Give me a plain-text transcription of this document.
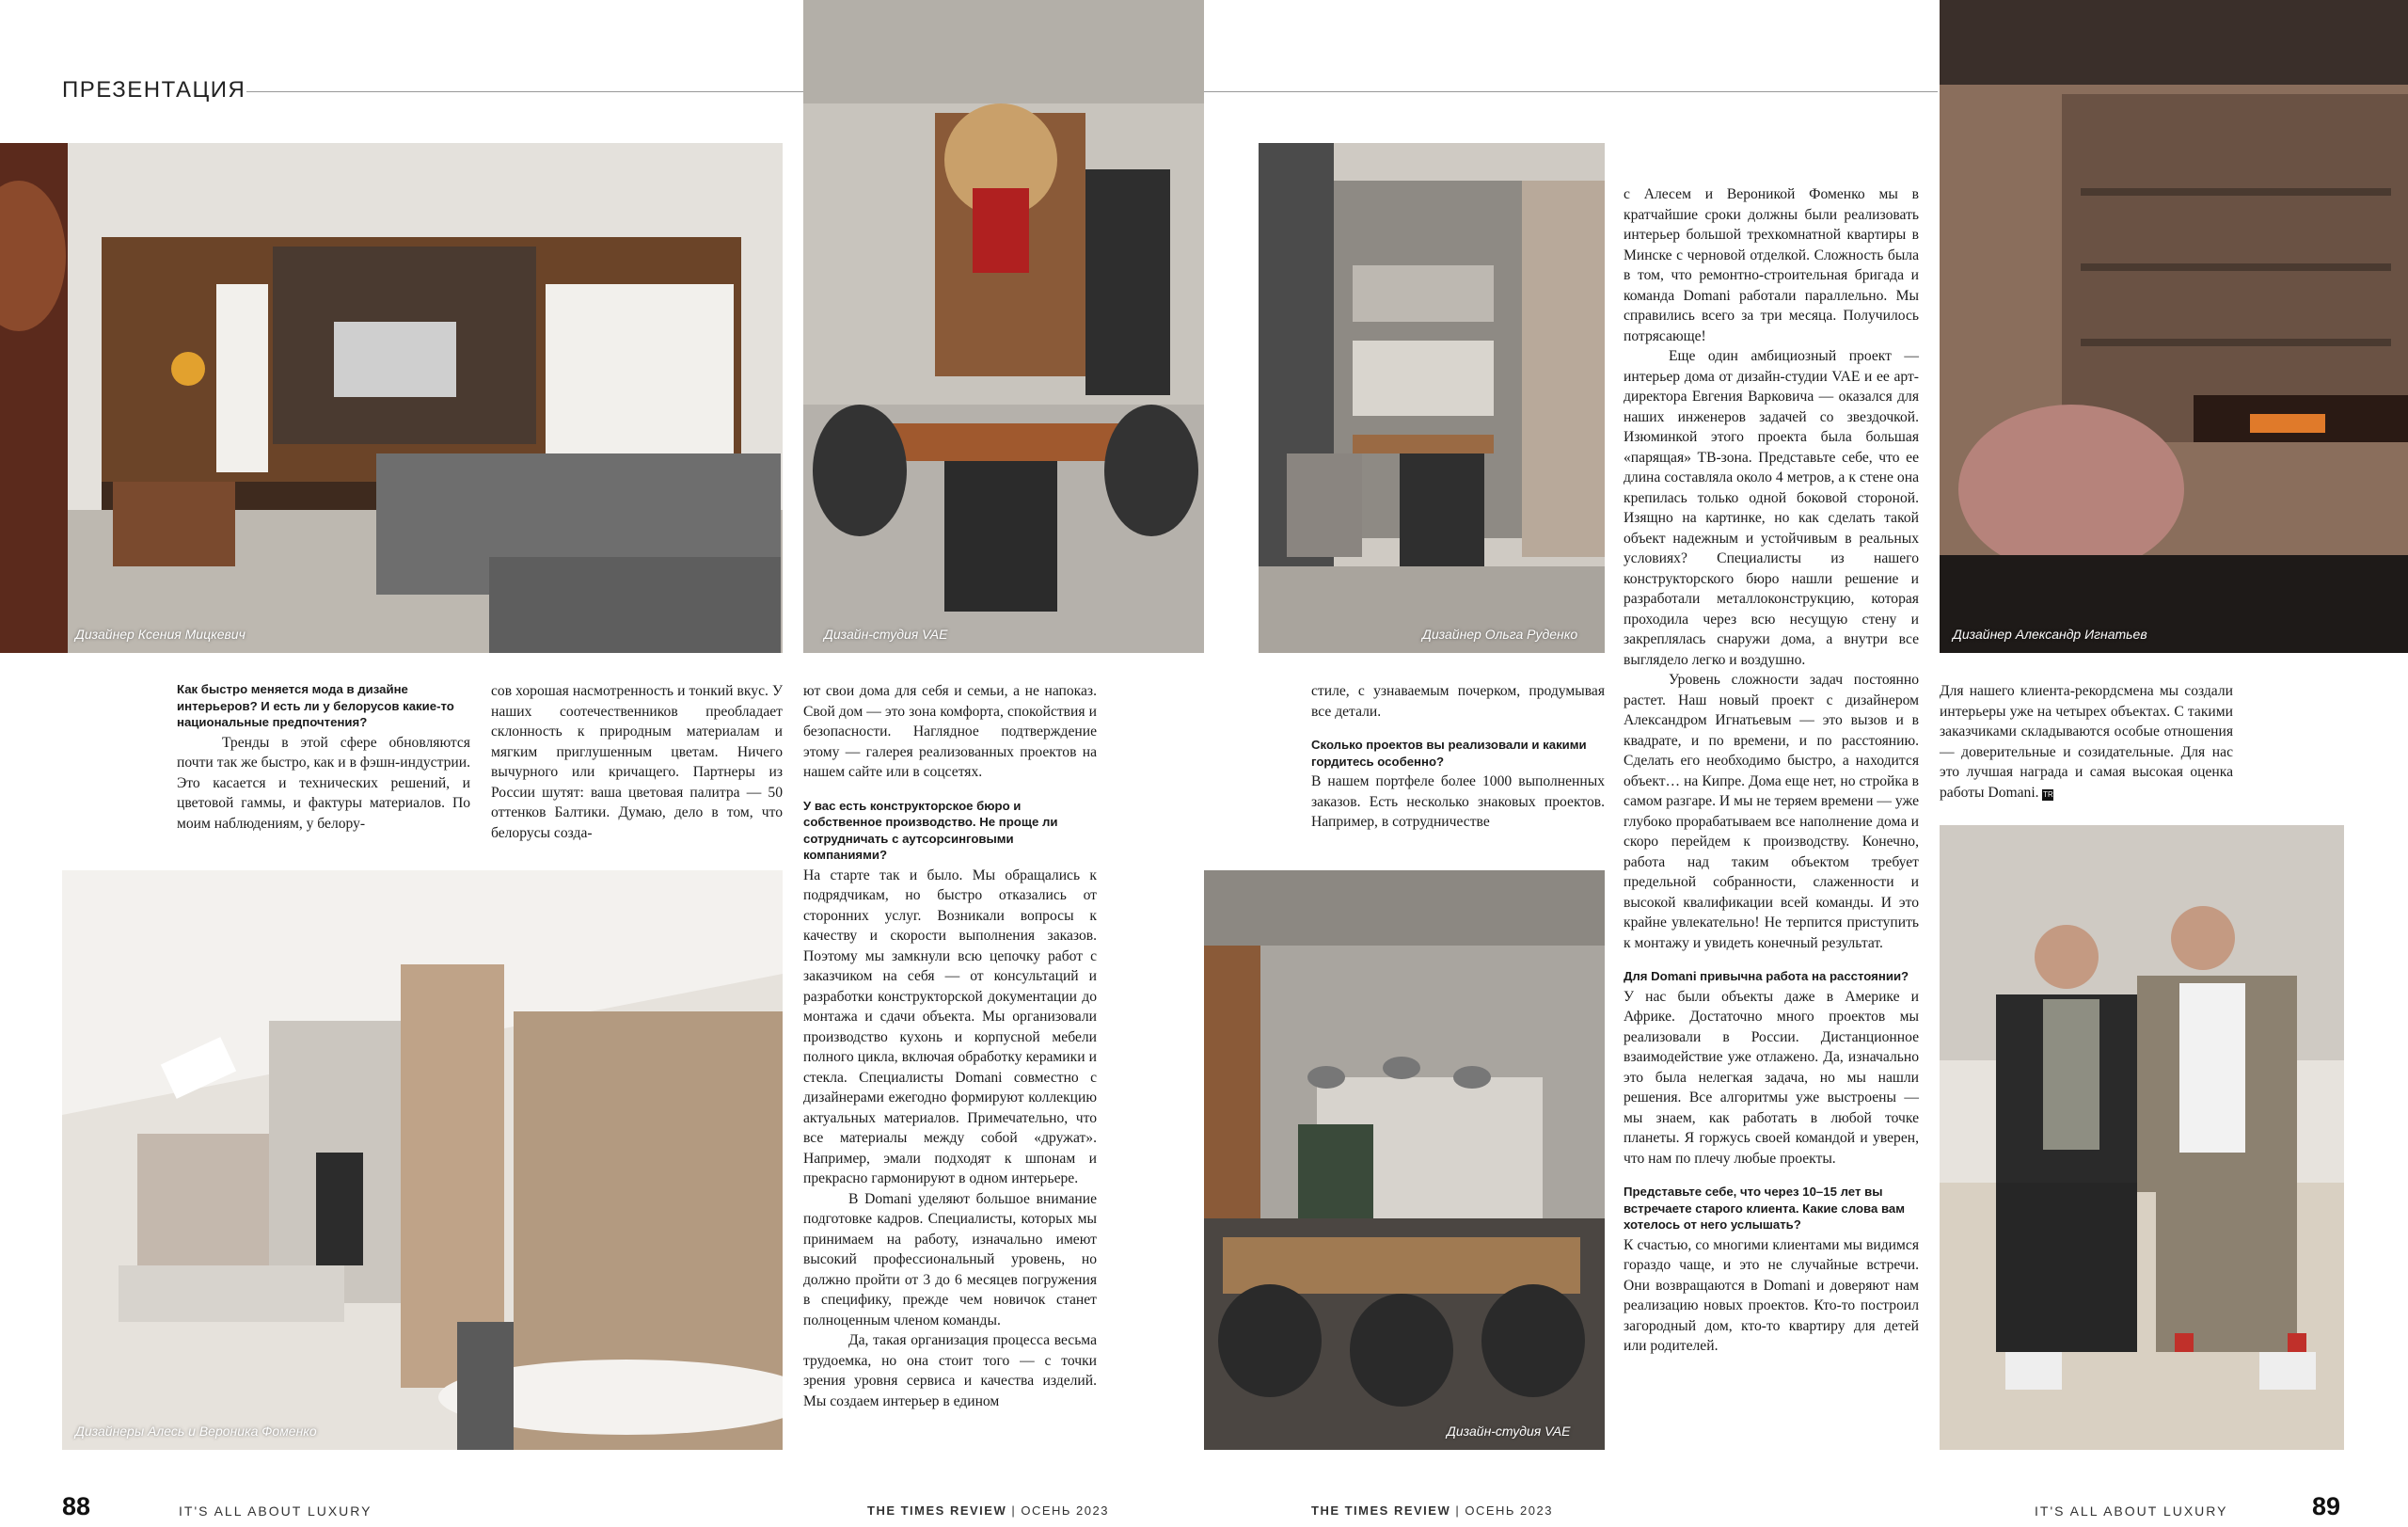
ПРЕЗЕНТАЦИЯ
Дизайнер Ксения Мицкевич	Дизайн-студия VAE	Дизайнер Ольга Руденко	Дизайнер Александр Игнатьев
Дизайнеры Алесь и Вероника Фоменко	Дизайн-студия VAE

Как быстро меняется мода в дизайне интерьеров? И есть ли у белорусов какие-то национальные предпочтения?

Тренды в этой сфере обновляются почти так же быстро, как и в фэшн-индустрии. Это касается и технических решений, и цветовой гаммы, и фактуры материалов. По моим наблюдениям, у белору-

сов хорошая насмотренность и тонкий вкус. У наших соотечественников преобладает склонность к природным материалам и мягким приглушенным цветам. Ничего вычурного или кричащего. Партнеры из России шутят: ваша цветовая палитра — 50 оттенков Балтики. Думаю, дело в том, что белорусы созда-

ют свои дома для себя и семьи, а не напоказ. Свой дом — это зона комфорта, спокойствия и безопасности. Наглядное подтверждение этому — галерея реализованных проектов на нашем сайте или в соцсетях.

У вас есть конструкторское бюро и собственное производство. Не проще ли сотрудничать с аутсорсинговыми компаниями?

На старте так и было. Мы обращались к подрядчикам, но быстро отказались от сторонних услуг. Возникали вопросы к качеству и скорости выполнения заказов. Поэтому мы замкнули всю цепочку работ с заказчиком на себя — от консультаций и разработки конструкторской документации до монтажа и сдачи объекта. Мы организовали производство кухонь и корпусной мебели полного цикла, включая обработку керамики и стекла. Специалисты Domani совместно с дизайнерами ежегодно формируют коллекцию актуальных материалов. Примечательно, что все материалы между собой «дружат». Например, эмали подходят к шпонам и прекрасно гармонируют в одном интерьере.

В Domani уделяют большое внимание подготовке кадров. Специалисты, которых мы принимаем на работу, изначально имеют высокий профессиональный уровень, но должно пройти от 3 до 6 месяцев погружения в специфику, прежде чем новичок станет полноценным членом команды.

Да, такая организация процесса весьма трудоемка, но она стоит того — с точки зрения уровня сервиса и качества изделий. Мы создаем интерьер в едином

стиле, с узнаваемым почерком, продумывая все детали.

Сколько проектов вы реализовали и какими гордитесь особенно?

В нашем портфеле более 1000 выполненных заказов. Есть несколько знаковых проектов. Например, в сотрудничестве

с Алесем и Вероникой Фоменко мы в кратчайшие сроки должны были реализовать интерьер большой трехкомнатной квартиры в Минске с черновой отделкой. Сложность была в том, что ремонтно-строительная бригада и команда Domani работали параллельно. Мы справились всего за три месяца. Получилось потрясающе!

Еще один амбициозный проект — интерьер дома от дизайн-студии VAE и ее арт-директора Евгения Варковича — оказался для наших инженеров задачей со звездочкой. Изюминкой этого проекта была большая «парящая» ТВ-зона. Представьте себе, что ее длина составляла около 4 метров, а к стене она крепилась только одной боковой стороной. Изящно на картинке, но как сделать такой объект надежным и устойчивым в реальных условиях? Специалисты из нашего конструкторского бюро нашли решение и разработали металлоконструкцию, которая проходила через всю несущую стену и закреплялась снаружи дома, а внутри все выглядело легко и воздушно.

Уровень сложности задач постоянно растет. Наш новый проект с дизайнером Александром Игнатьевым — это вызов и в квадрате, и по времени, и по расстоянию. Сделать его необходимо быстро, а находится объект… на Кипре. Дома еще нет, но стройка в самом разгаре. И мы не теряем времени — уже глубоко прорабатываем все наполнение дома и скоро перейдем к производству. Конечно, работа над таким объектом требует предельной собранности, слаженности и высокой квалификации всей команды. И это крайне увлекательно! Не терпится приступить к монтажу и увидеть конечный результат.

Для Domani привычна работа на расстоянии?

У нас были объекты даже в Америке и Африке. Достаточно много проектов мы реализовали в России. Дистанционное взаимодействие уже отлажено. Да, изначально это была нелегкая задача, но мы нашли решения. Все алгоритмы уже выстроены — мы знаем, как работать в любой точке планеты. Я горжусь своей командой и уверен, что нам по плечу любые проекты.

Представьте себе, что через 10–15 лет вы встречаете старого клиента. Какие слова вам хотелось от него услышать?

К счастью, со многими клиентами мы видимся гораздо чаще, и это не случайные встречи. Они возвращаются в Domani и доверяют нам реализацию новых проектов. Кто-то построил загородный дом, кто-то квартиру для детей или родителей.

Для нашего клиента-рекордсмена мы создали интерьеры уже на четырех объектах. С такими заказчиками складываются особые отношения — доверительные и созидательные. Для нас это лучшая награда и самая высокая оценка работы Domani. TR

88	IT'S ALL ABOUT LUXURY	THE TIMES REVIEW | ОСЕНЬ 2023	THE TIMES REVIEW | ОСЕНЬ 2023	IT'S ALL ABOUT LUXURY	89
